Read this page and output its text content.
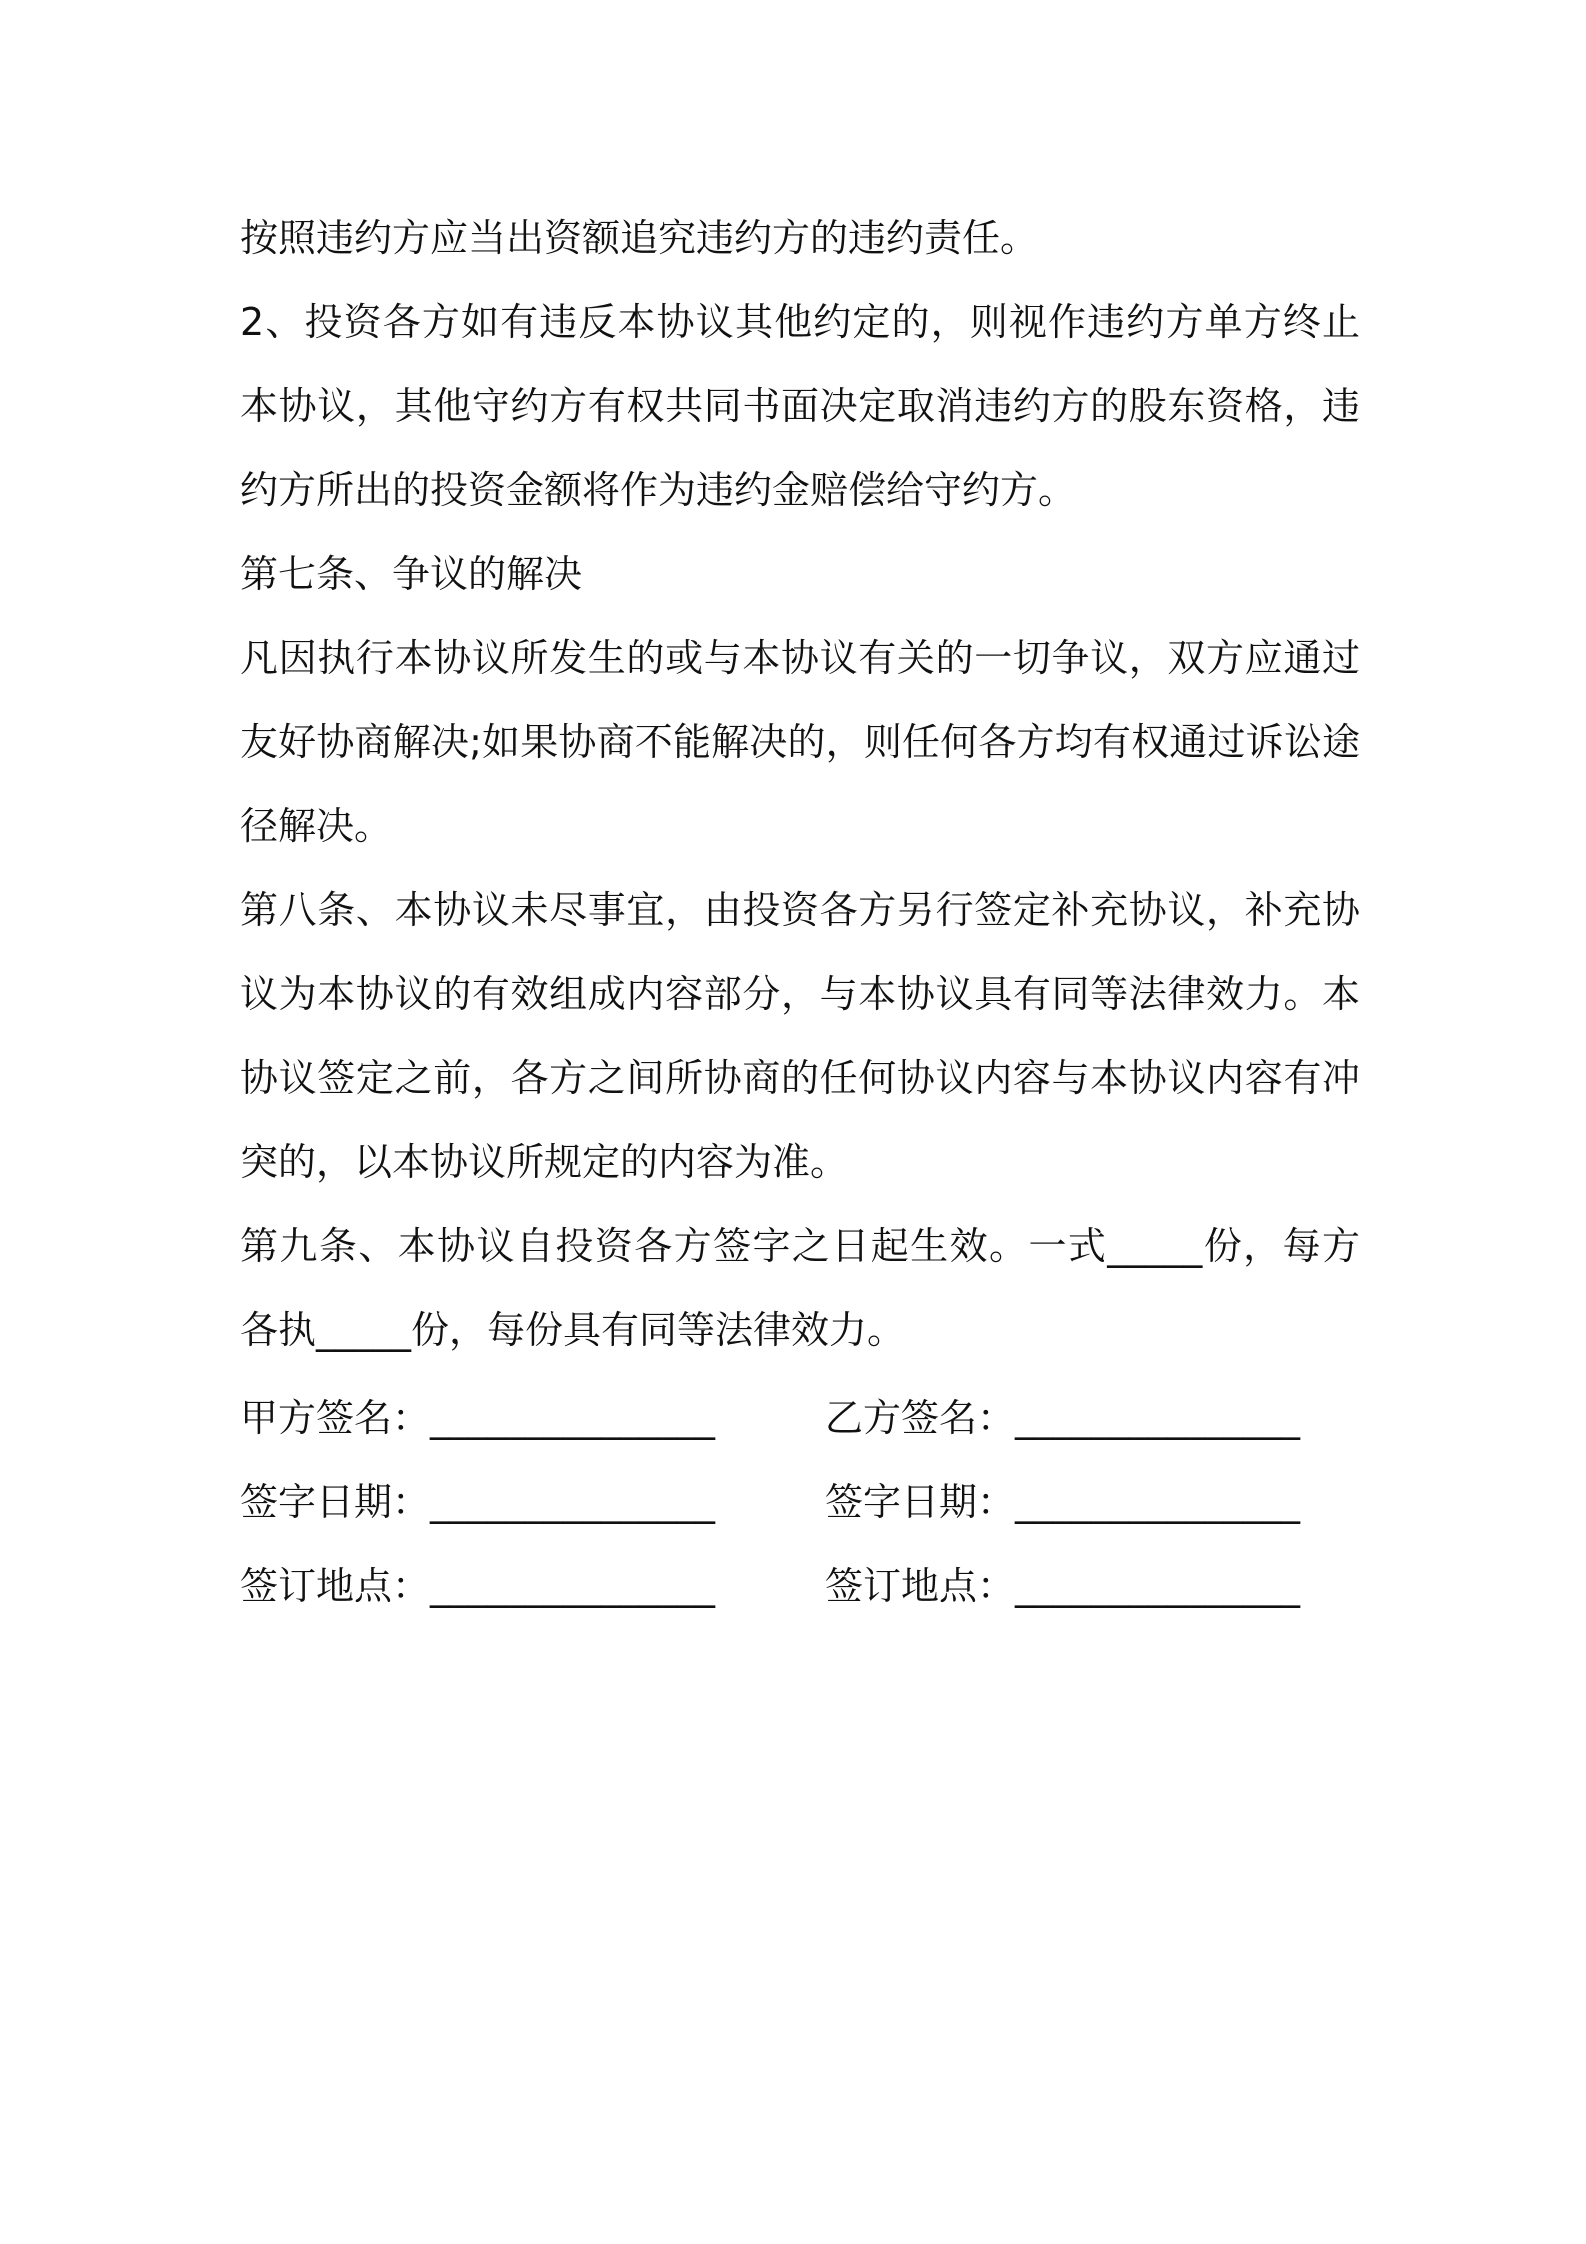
按照违约方应当出资额追究违约方的违约责任。

2、投资各方如有违反本协议其他约定的，则视作违约方单方终止本协议，其他守约方有权共同书面决定取消违约方的股东资格，违约方所出的投资金额将作为违约金赔偿给守约方。

第七条、争议的解决

凡因执行本协议所发生的或与本协议有关的一切争议，双方应通过友好协商解决;如果协商不能解决的，则任何各方均有权通过诉讼途径解决。

第八条、本协议未尽事宜，由投资各方另行签定补充协议，补充协议为本协议的有效组成内容部分，与本协议具有同等法律效力。本协议签定之前，各方之间所协商的任何协议内容与本协议内容有冲突的，以本协议所规定的内容为准。

第九条、本协议自投资各方签字之日起生效。一式_____份，每方各执_____份，每份具有同等法律效力。

甲方签名：_______________	乙方签名：_______________
签字日期：_______________	签字日期：_______________
签订地点：_______________	签订地点：_______________
